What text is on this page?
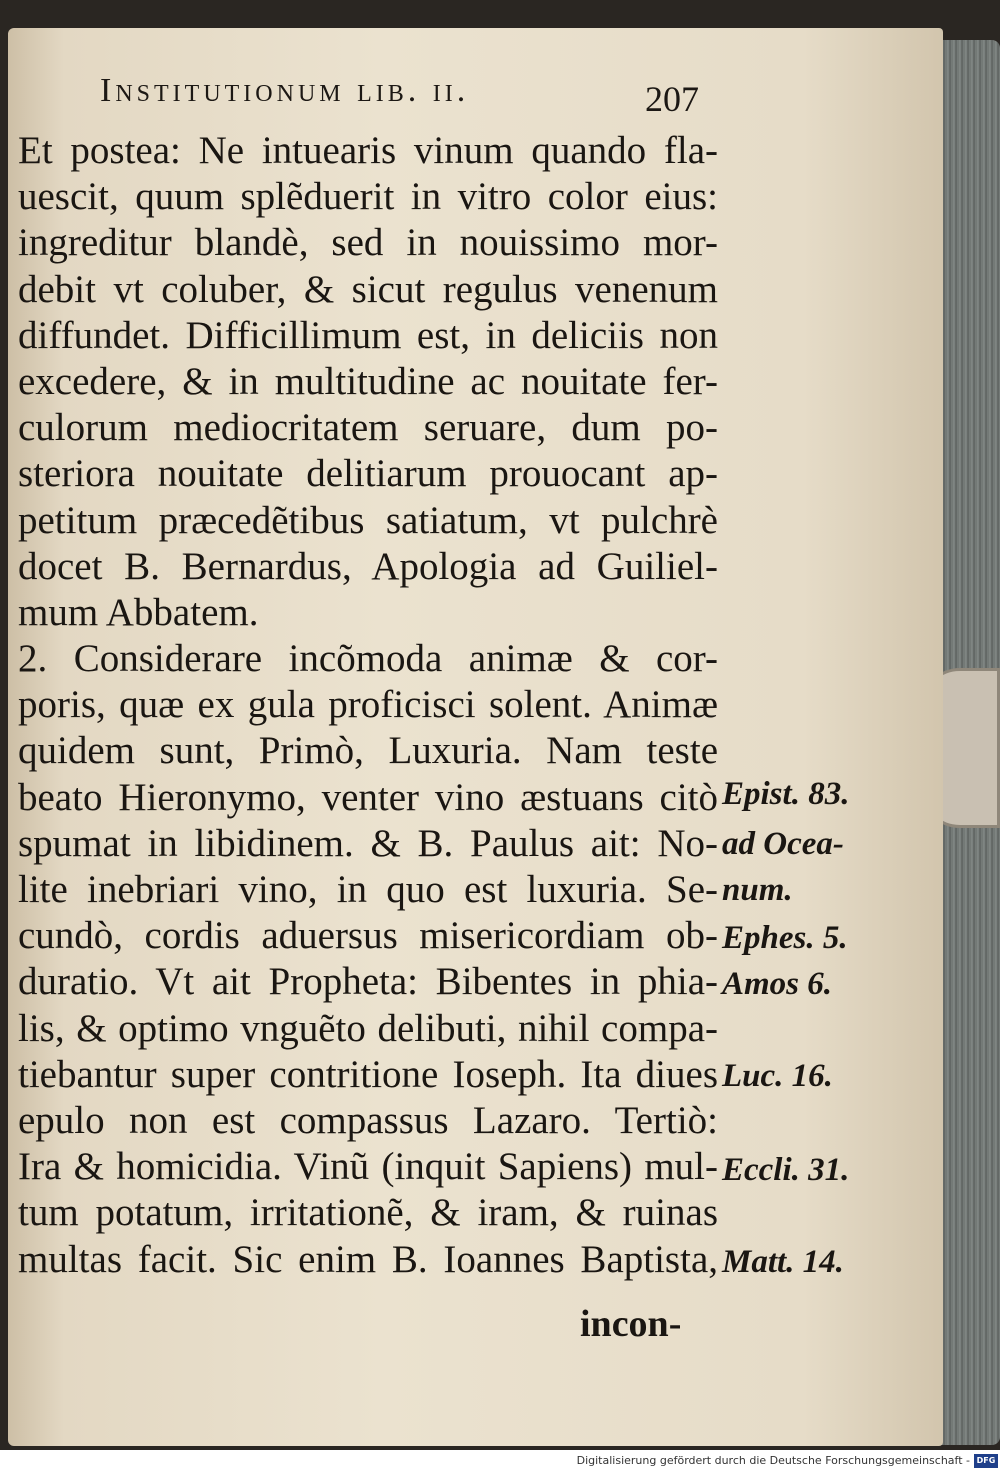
Institutionum lib. ii.	207
Et postea: Ne intuearis vinum quando fla-
uescit, quum splẽduerit in vitro color eius:
ingreditur blandè, sed in nouissimo mor-
debit vt coluber, & sicut regulus venenum
diffundet. Difficillimum est, in deliciis non
excedere, & in multitudine ac nouitate fer-
culorum mediocritatem seruare, dum po-
steriora nouitate delitiarum prouocant ap-
petitum præcedẽtibus satiatum, vt pulchrè
docet B. Bernardus, Apologia ad Guiliel-
mum Abbatem.
2. Considerare incõmoda animæ & cor-
poris, quæ ex gula proficisci solent. Animæ
quidem sunt, Primò, Luxuria. Nam teste
beato Hieronymo, venter vino æstuans citò
spumat in libidinem. & B. Paulus ait: No-
lite inebriari vino, in quo est luxuria. Se-
cundò, cordis aduersus misericordiam ob-
duratio. Vt ait Propheta: Bibentes in phia-
lis, & optimo vnguẽto delibuti, nihil compa-
tiebantur super contritione Ioseph. Ita diues
epulo non est compassus Lazaro. Tertiò:
Ira & homicidia. Vinũ (inquit Sapiens) mul-
tum potatum, irritationẽ, & iram, & ruinas
multas facit. Sic enim B. Ioannes Baptista,
incon-
Epist. 83.
ad Ocea-
num.
Ephes. 5.
Amos 6.
Luc. 16.
Eccli. 31.
Matt. 14.
Digitalisierung gefördert durch die Deutsche Forschungsgemeinschaft - DFG
